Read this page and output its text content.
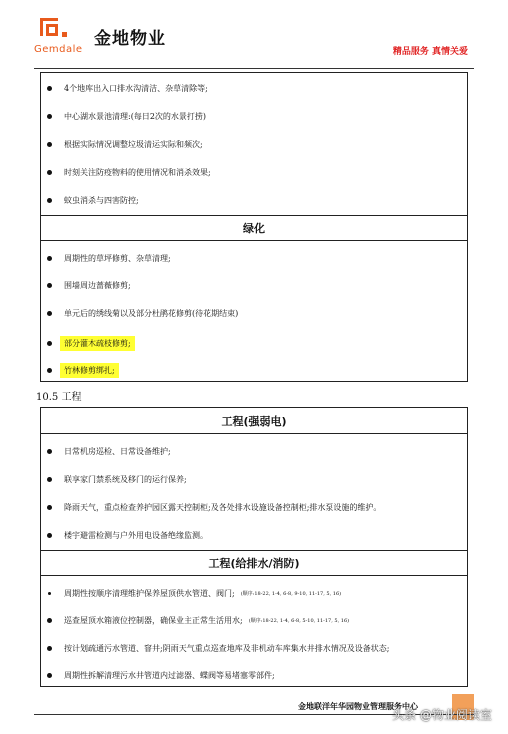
Gemdale
金地物业
精品服务 真情关爱
4个地库出入口排水沟清洁、杂草清除等;
中心湖水景池清理:(每日2次的水景打捞)
根据实际情况调整垃圾清运实际和频次;
时刻关注防疫物料的使用情况和消杀效果;
蚊虫消杀与四害防控;
绿化
周期性的草坪修剪、杂草清理;
围墙周边蔷薇修剪;
单元后的绣线菊以及部分杜鹃花修剪(待花期结束)
部分灌木疏枝修剪;
竹林修剪绑扎;
10.5 工程
工程(强弱电)
日常机房巡检、日常设备维护;
联享家门禁系统及移门的运行保养;
降雨天气，重点检查养护园区露天控制柜;及各处排水设施设备控制柜;排水泵设施的维护。
楼宇避雷检测与户外用电设备绝缘监测。
工程(给排水/消防)
周期性按顺序清理维护保养屋顶供水管道、阀门; (顺序:18-22, 1-4, 6-8, 9-10, 11-17, 5, 16)
巡查屋顶水箱液位控制器，确保业主正常生活用水; (顺序:18-22, 1-4, 6-8, 5-10, 11-17, 5, 16)
按计划疏通污水管道、窨井;阴雨天气重点巡查地库及非机动车库集水井排水情况及设备状态;
周期性拆解清理污水井管道内过滤器、蝶阀等易堵塞零部件;
金地联洋年华园物业管理服务中心
头条 @物业阅读室
